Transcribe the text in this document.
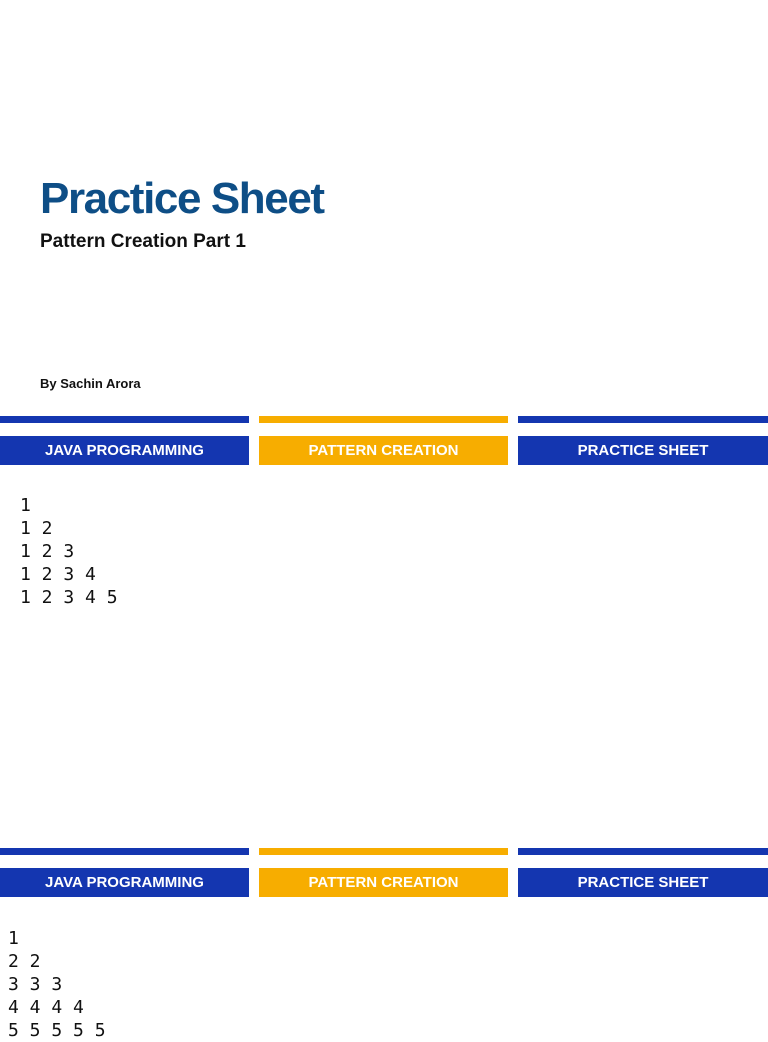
Practice Sheet
Pattern Creation Part 1

By Sachin Arora

JAVA PROGRAMMING	PATTERN CREATION	PRACTICE SHEET
1
1 2
1 2 3
1 2 3 4
1 2 3 4 5
JAVA PROGRAMMING	PATTERN CREATION	PRACTICE SHEET
1
2 2
3 3 3
4 4 4 4
5 5 5 5 5
